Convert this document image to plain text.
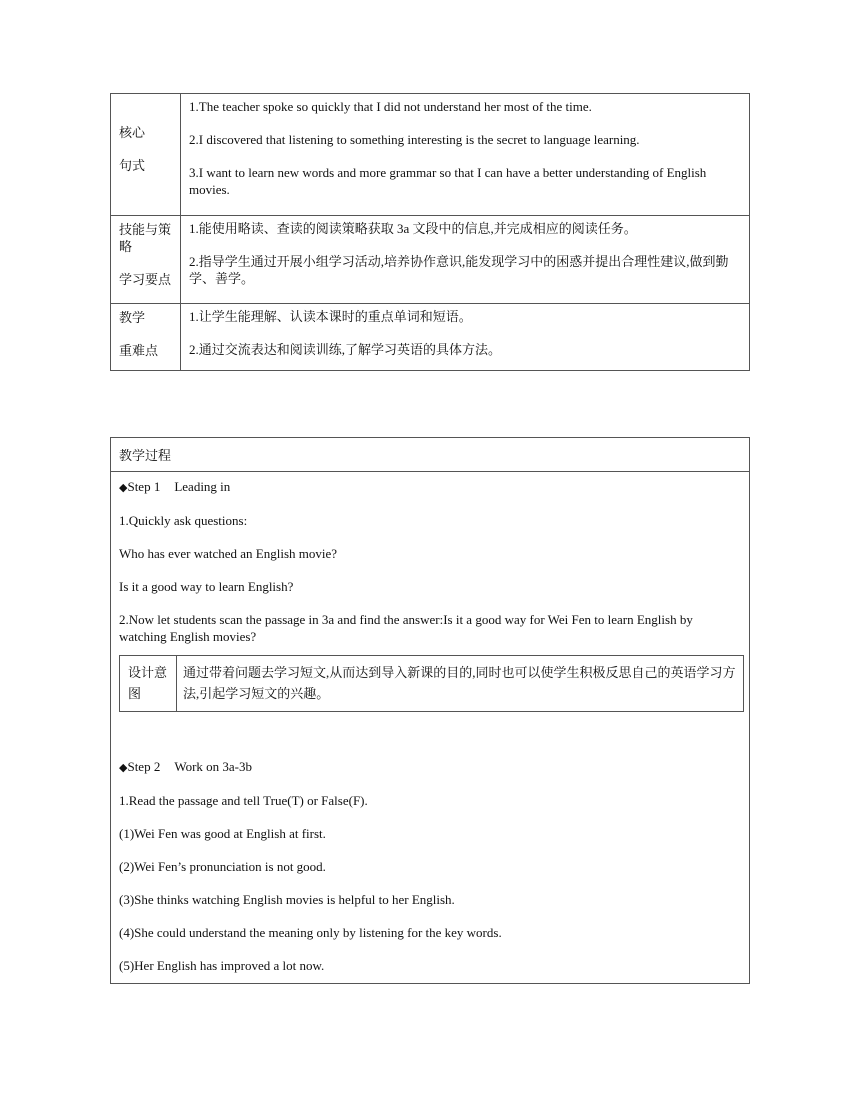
核心

句式

1.The teacher spoke so quickly that I did not understand her most of the time.

2.I discovered that listening to something interesting is the secret to language learning.

3.I want to learn new words and more grammar so that I can have a better understanding of English movies.

技能与策

略

学习要点

1.能使用略读、查读的阅读策略获取 3a 文段中的信息,并完成相应的阅读任务。

2.指导学生通过开展小组学习活动,培养协作意识,能发现学习中的困惑并提出合理性建议,做到勤学、善学。

教学

重难点

1.让学生能理解、认读本课时的重点单词和短语。

2.通过交流表达和阅读训练,了解学习英语的具体方法。

教学过程

◆Step 1 Leading in

1.Quickly ask questions:

Who has ever watched an English movie?

Is it a good way to learn English?

2.Now let students scan the passage in 3a and find the answer:Is it a good way for Wei Fen to learn English by watching English movies?

设计意图
通过带着问题去学习短文,从而达到导入新课的目的,同时也可以使学生积极反思自己的英语学习方法,引起学习短文的兴趣。

◆Step 2 Work on 3a-3b

1.Read the passage and tell True(T) or False(F).

(1)Wei Fen was good at English at first.

(2)Wei Fen’s pronunciation is not good.

(3)She thinks watching English movies is helpful to her English.

(4)She could understand the meaning only by listening for the key words.

(5)Her English has improved a lot now.
